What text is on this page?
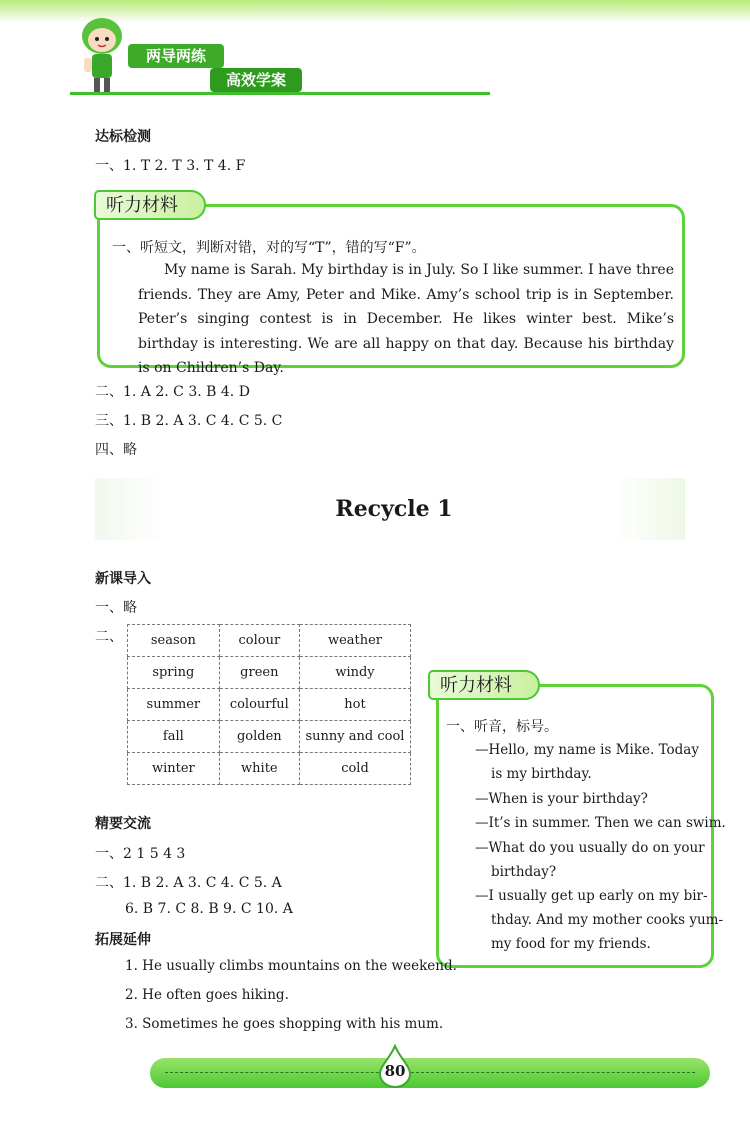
两导两练
高效学案
达标检测
一、1. T 2. T 3. T 4. F
听力材料
一、听短文，判断对错，对的写“T”，错的写“F”。
My name is Sarah. My birthday is in July. So I like summer. I have three friends. They are Amy, Peter and Mike. Amy’s school trip is in September. Peter’s singing contest is in December. He likes winter best. Mike’s birthday is interesting. We are all happy on that day. Because his birthday is on Children’s Day.
二、1. A 2. C 3. B 4. D
三、1. B 2. A 3. C 4. C 5. C
四、略
Recycle 1
新课导入
一、略
二、 season	colour	weather
spring	green	windy
summer	colourful	hot
fall	golden	sunny and cool
winter	white	cold
听力材料
一、听音，标号。
—Hello, my name is Mike. Today
is my birthday.
—When is your birthday?
—It’s in summer. Then we can swim.
—What do you usually do on your
birthday?
—I usually get up early on my bir-
thday. And my mother cooks yum-
my food for my friends.
精要交流
一、2 1 5 4 3
二、1. B 2. A 3. C 4. C 5. A
6. B 7. C 8. B 9. C 10. A
拓展延伸
1. He usually climbs mountains on the weekend.
2. He often goes hiking.
3. Sometimes he goes shopping with his mum.
80
